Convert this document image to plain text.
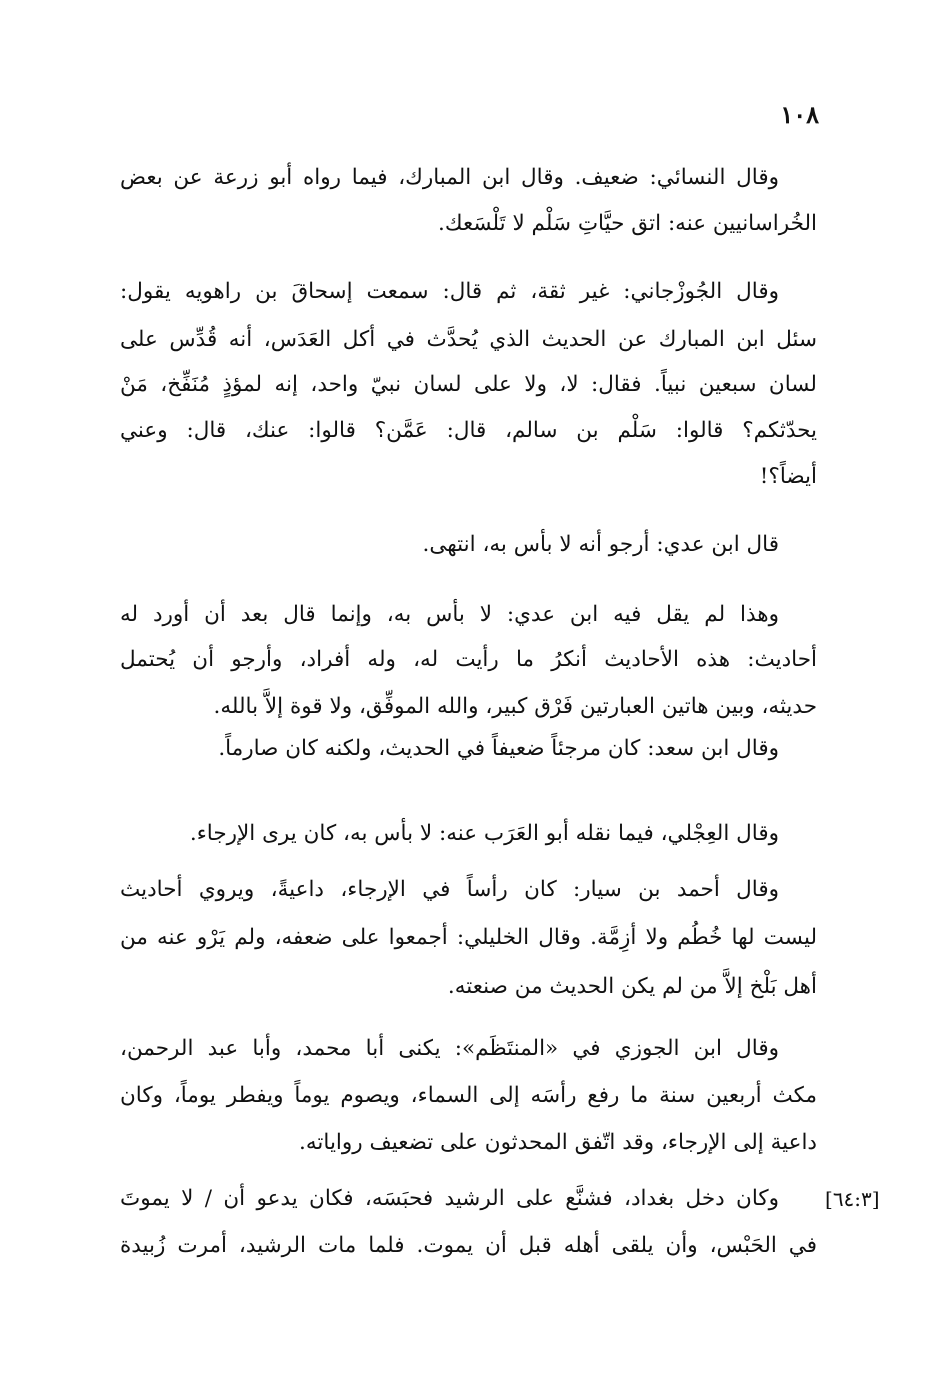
١٠٨
وقال النسائي: ضعيف. وقال ابن المبارك، فيما رواه أبو زرعة عن بعض
الخُراسانيين عنه: اتق حيَّاتِ سَلْم لا تَلْسَعك.
وقال الجُوزْجاني: غير ثقة، ثم قال: سمعت إسحاقَ بن راهويه يقول:
سئل ابن المبارك عن الحديث الذي يُحدَّث في أكل العَدَس، أنه قُدِّس على
لسان سبعين نبياً. فقال: لا، ولا على لسان نبيّ واحد، إنه لمؤذٍ مُنَفِّخ، مَنْ
يحدّثكم؟ قالوا: سَلْم بن سالم، قال: عَمَّن؟ قالوا: عنك، قال: وعني
أيضاً؟!
قال ابن عدي: أرجو أنه لا بأس به، انتهى.
وهذا لم يقل فيه ابن عدي: لا بأس به، وإنما قال بعد أن أورد له
أحاديث: هذه الأحاديث أنكرُ ما رأيت له، وله أفراد، وأرجو أن يُحتمل
حديثه، وبين هاتين العبارتين فَرْق كبير، والله الموفِّق، ولا قوة إلاَّ بالله.
وقال ابن سعد: كان مرجئاً ضعيفاً في الحديث، ولكنه كان صارماً.
وقال العِجْلي، فيما نقله أبو العَرَب عنه: لا بأس به، كان يرى الإرجاء.
وقال أحمد بن سيار: كان رأساً في الإرجاء، داعيةً، ويروي أحاديث
ليست لها خُطُم ولا أزِمَّة. وقال الخليلي: أجمعوا على ضعفه، ولم يَرْو عنه من
أهل بَلْخ إلاَّ من لم يكن الحديث من صنعته.
وقال ابن الجوزي في «المنتَظَم»: يكنى أبا محمد، وأبا عبد الرحمن،
مكث أربعين سنة ما رفع رأسَه إلى السماء، ويصوم يوماً ويفطر يوماً، وكان
داعية إلى الإرجاء، وقد اتّفق المحدثون على تضعيف رواياته.
وكان دخل بغداد، فشنَّع على الرشيد فحبَسَه، فكان يدعو أن / لا يموتَ
في الحَبْس، وأن يلقى أهله قبل أن يموت. فلما مات الرشيد، أمرت زُبيدة
[٦٤:٣]
